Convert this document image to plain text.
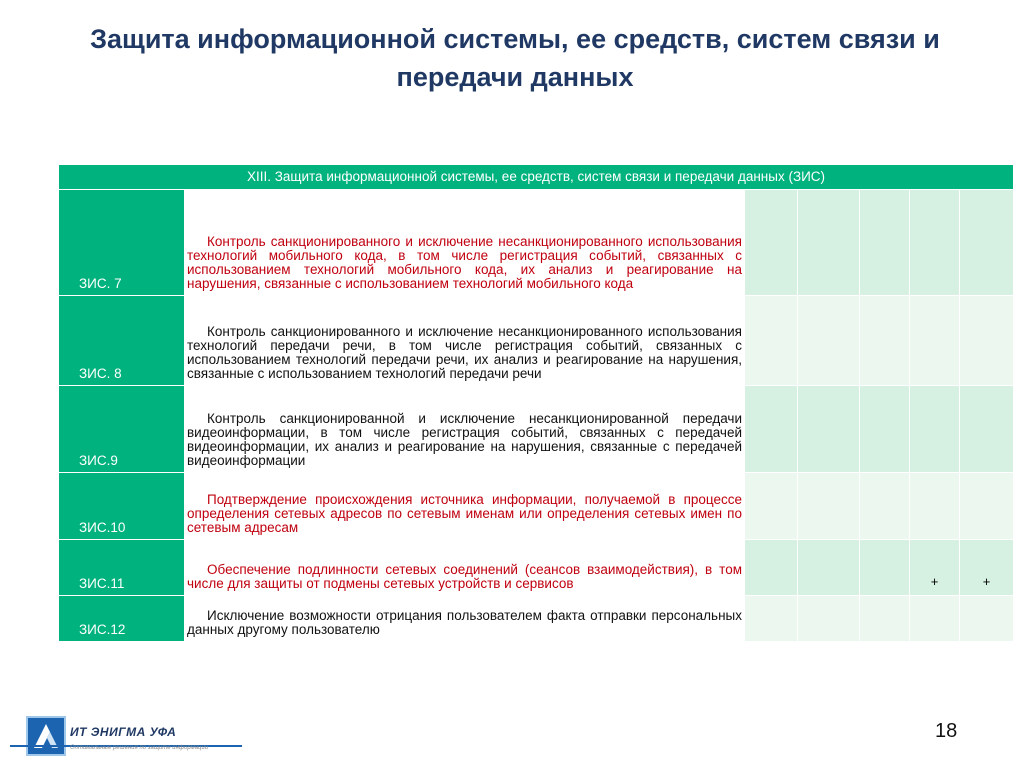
Защита информационной системы, ее средств, систем связи и передачи данных
XIII. Защита информационной системы, ее средств, систем связи и передачи данных (ЗИС)						
ЗИС. 7	Контроль санкционированного и исключение несанкционированного использования технологий мобильного кода, в том числе регистрация событий, связанных с использованием технологий мобильного кода, их анализ и реагирование на нарушения, связанные с использованием технологий мобильного кода					

ЗИС. 8	Контроль санкционированного и исключение несанкционированного использования технологий передачи речи, в том числе регистрация событий, связанных с использованием технологий передачи речи, их анализ и реагирование на нарушения, связанные с использованием технологий передачи речи					

ЗИС.9	Контроль санкционированной и исключение несанкционированной передачи видеоинформации, в том числе регистрация событий, связанных с передачей видеоинформации, их анализ и реагирование на нарушения, связанные с передачей видеоинформации					

ЗИС.10	Подтверждение происхождения источника информации, получаемой в процессе определения сетевых адресов по сетевым именам или определения сетевых имен по сетевым адресам					

ЗИС.11	Обеспечение подлинности сетевых соединений (сеансов взаимодействия), в том числе для защиты от подмены сетевых устройств и сервисов				+	+
ЗИС.12	Исключение возможности отрицания пользователем факта отправки персональных данных другому пользователю					

ИТ ЭНИГМА УФА
Оптимальные решения по защите информации
18
